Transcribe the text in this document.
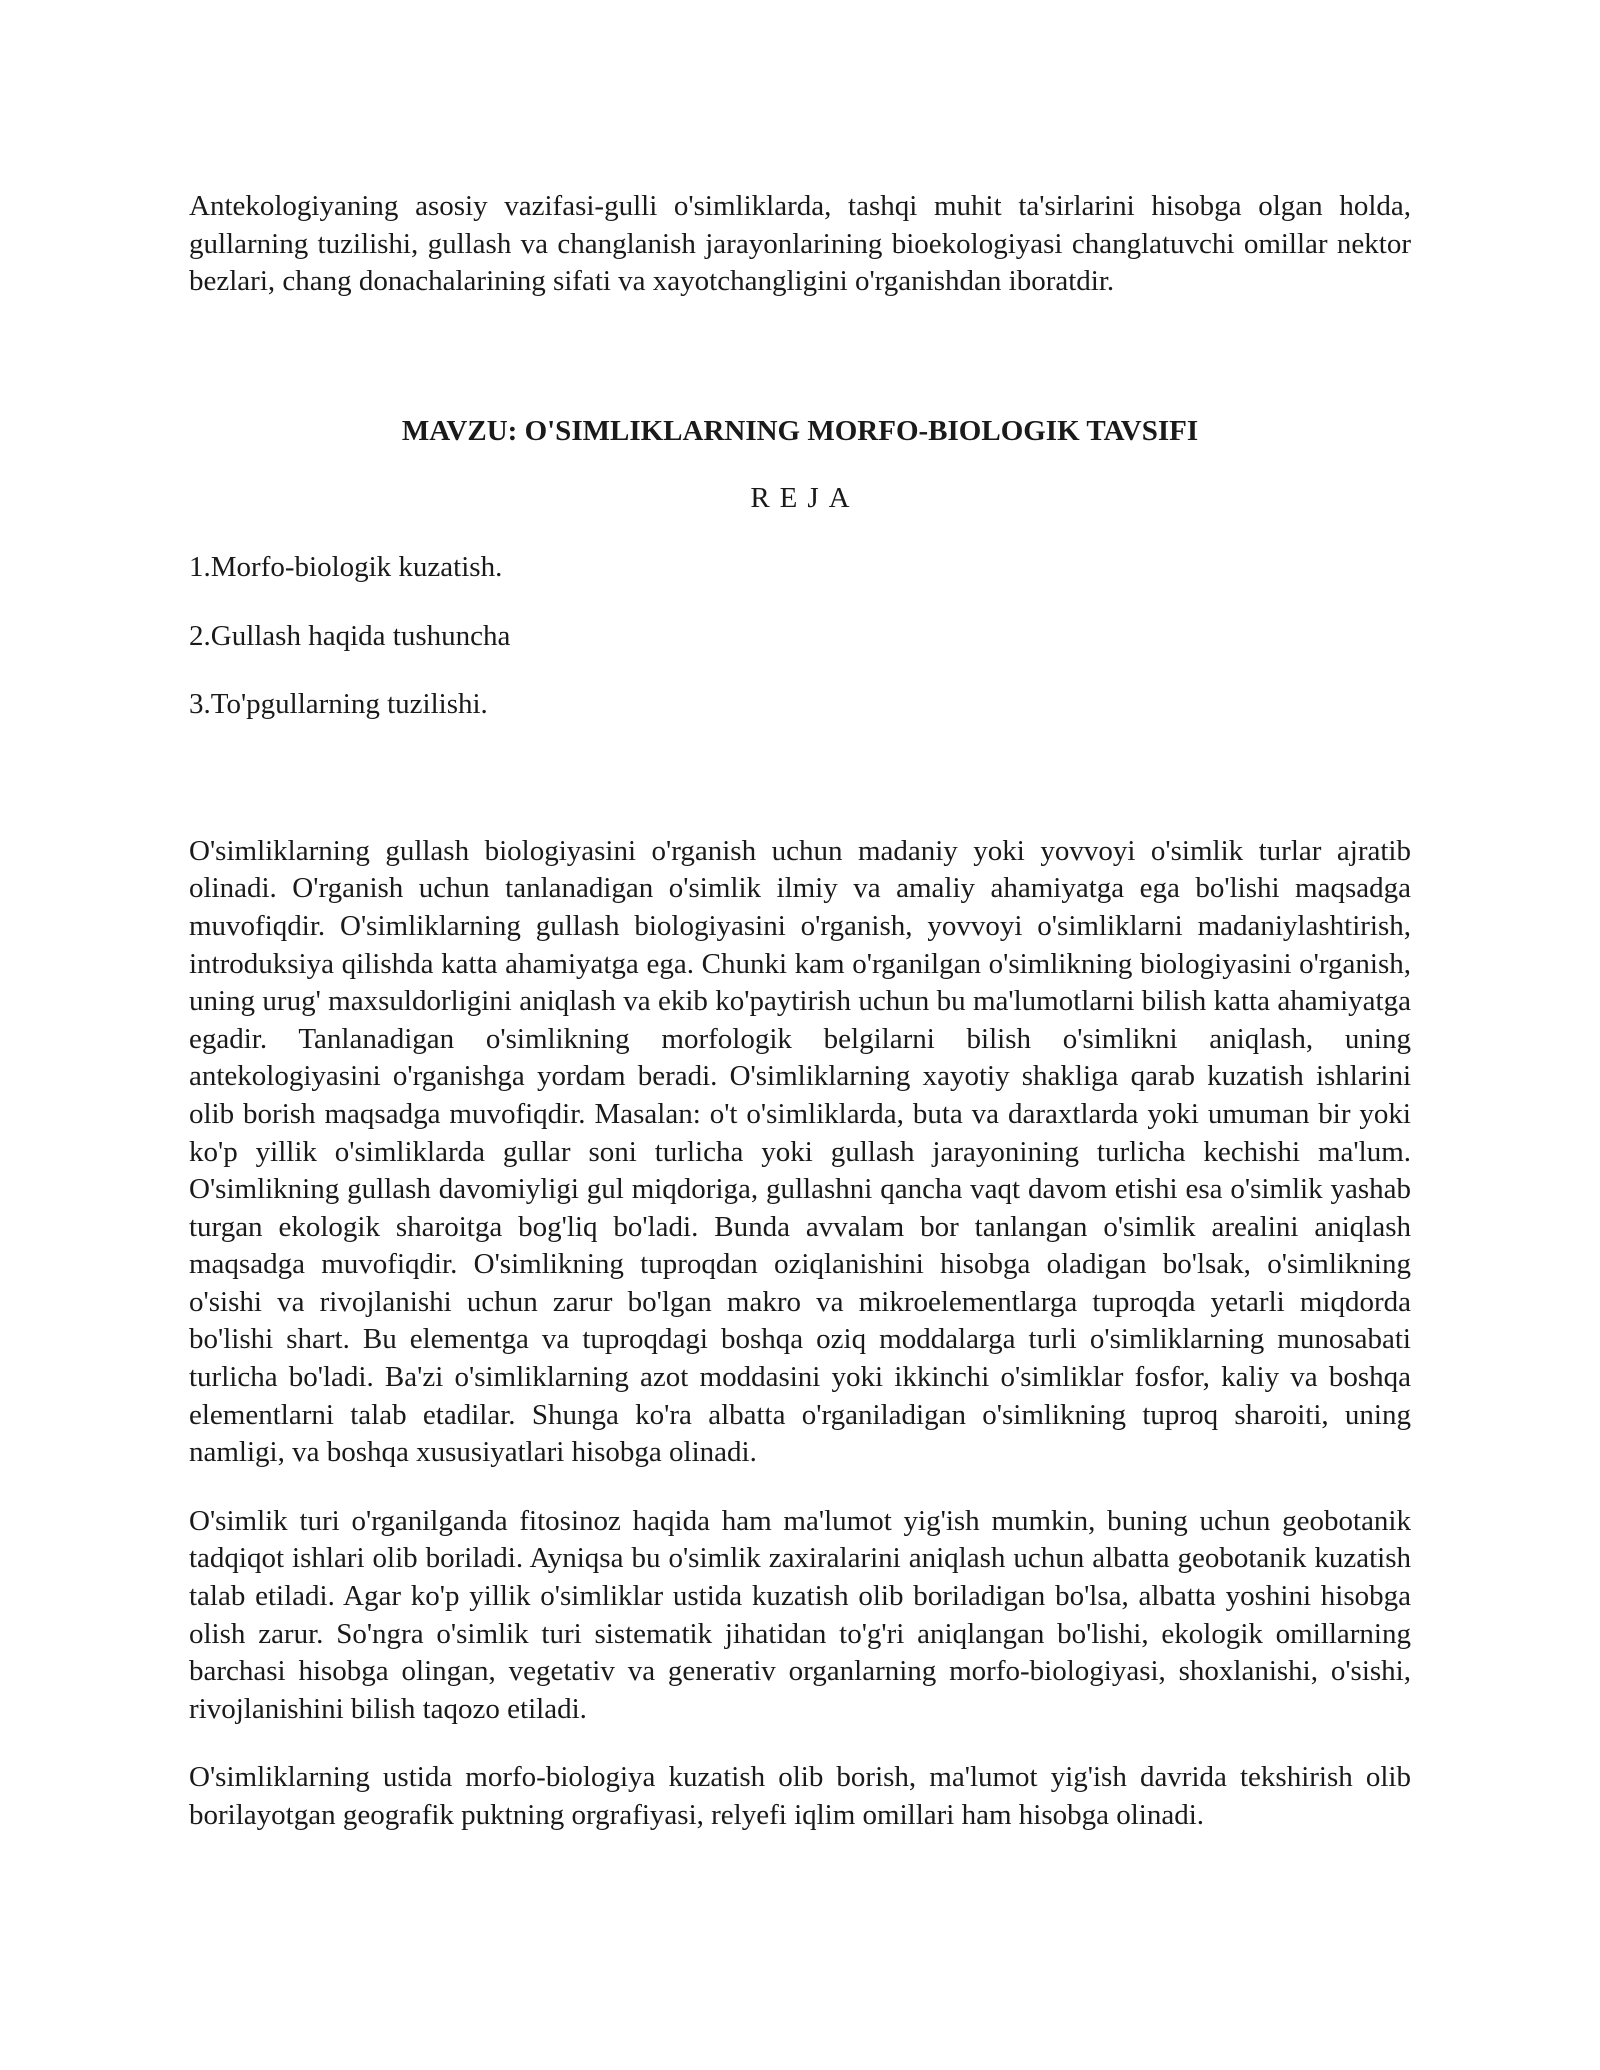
Antekologiyaning asosiy vazifasi-gulli o'simliklarda, tashqi muhit ta'sirlarini hisobga olgan holda, gullarning tuzilishi, gullash va changlanish jarayonlarining bioekologiyasi changlatuvchi omillar nektor bezlari, chang donachalarining sifati va xayotchangligini o'rganishdan iboratdir.

MAVZU: O'SIMLIKLARNING MORFO-BIOLOGIK TAVSIFI

REJA

1.Morfo-biologik kuzatish.

2.Gullash haqida tushuncha

3.To'pgullarning tuzilishi.

O'simliklarning gullash biologiyasini o'rganish uchun madaniy yoki yovvoyi o'simlik turlar ajratib olinadi. O'rganish uchun tanlanadigan o'simlik ilmiy va amaliy ahamiyatga ega bo'lishi maqsadga muvofiqdir. O'simliklarning gullash biologiyasini o'rganish, yovvoyi o'simliklarni madaniylashtirish, introduksiya qilishda katta ahamiyatga ega. Chunki kam o'rganilgan o'simlikning biologiyasini o'rganish, uning urug' maxsuldorligini aniqlash va ekib ko'paytirish uchun bu ma'lumotlarni bilish katta ahamiyatga egadir. Tanlanadigan o'simlikning morfologik belgilarni bilish o'simlikni aniqlash, uning antekologiyasini o'rganishga yordam beradi. O'simliklarning xayotiy shakliga qarab kuzatish ishlarini olib borish maqsadga muvofiqdir. Masalan: o't o'simliklarda, buta va daraxtlarda yoki umuman bir yoki ko'p yillik o'simliklarda gullar soni turlicha yoki gullash jarayonining turlicha kechishi ma'lum. O'simlikning gullash davomiyligi gul miqdoriga, gullashni qancha vaqt davom etishi esa o'simlik yashab turgan ekologik sharoitga bog'liq bo'ladi. Bunda avvalam bor tanlangan o'simlik arealini aniqlash maqsadga muvofiqdir. O'simlikning tuproqdan oziqlanishini hisobga oladigan bo'lsak, o'simlikning o'sishi va rivojlanishi uchun zarur bo'lgan makro va mikroelementlarga tuproqda yetarli miqdorda bo'lishi shart. Bu elementga va tuproqdagi boshqa oziq moddalarga turli o'simliklarning munosabati turlicha bo'ladi. Ba'zi o'simliklarning azot moddasini yoki ikkinchi o'simliklar fosfor, kaliy va boshqa elementlarni talab etadilar. Shunga ko'ra albatta o'rganiladigan o'simlikning tuproq sharoiti, uning namligi, va boshqa xususiyatlari hisobga olinadi.

O'simlik turi o'rganilganda fitosinoz haqida ham ma'lumot yig'ish mumkin, buning uchun geobotanik tadqiqot ishlari olib boriladi. Ayniqsa bu o'simlik zaxiralarini aniqlash uchun albatta geobotanik kuzatish talab etiladi. Agar ko'p yillik o'simliklar ustida kuzatish olib boriladigan bo'lsa, albatta yoshini hisobga olish zarur. So'ngra o'simlik turi sistematik jihatidan to'g'ri aniqlangan bo'lishi, ekologik omillarning barchasi hisobga olingan, vegetativ va generativ organlarning morfo-biologiyasi, shoxlanishi, o'sishi, rivojlanishini bilish taqozo etiladi.

O'simliklarning ustida morfo-biologiya kuzatish olib borish, ma'lumot yig'ish davrida tekshirish olib borilayotgan geografik puktning orgrafiyasi, relyefi iqlim omillari ham hisobga olinadi.
